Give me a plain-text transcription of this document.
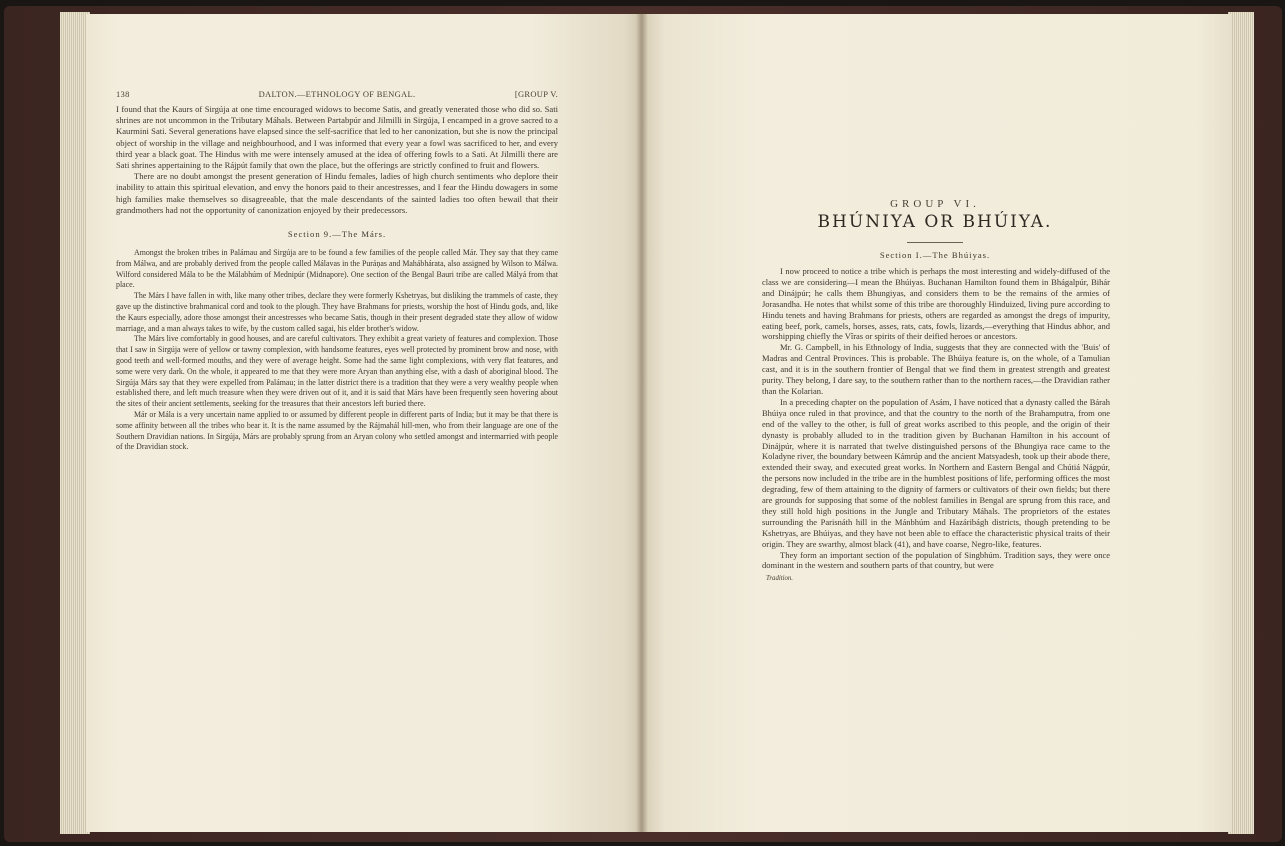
138	DALTON.—ETHNOLOGY OF BENGAL.	[GROUP V.

I found that the Kaurs of Sirgúja at one time encouraged widows to become Satis, and greatly venerated those who did so. Sati shrines are not uncommon in the Tributary Máhals. Between Partabpúr and Jilmilli in Sirgúja, I encamped in a grove sacred to a Kaurmini Sati. Several generations have elapsed since the self-sacrifice that led to her canonization, but she is now the principal object of worship in the village and neighbourhood, and I was informed that every year a fowl was sacrificed to her, and every third year a black goat. The Hindus with me were intensely amused at the idea of offering fowls to a Sati. At Jilmilli there are Sati shrines appertaining to the Rájpút family that own the place, but the offerings are strictly confined to fruit and flowers.

There are no doubt amongst the present generation of Hindu females, ladies of high church sentiments who deplore their inability to attain this spiritual elevation, and envy the honors paid to their ancestresses, and I fear the Hindu dowagers in some high families make themselves so disagreeable, that the male descendants of the sainted ladies too often bewail that their grandmothers had not the opportunity of canonization enjoyed by their predecessors.

Section 9.—The Márs.

Amongst the broken tribes in Palámau and Sirgúja are to be found a few families of the people called Már. They say that they came from Málwa, and are probably derived from the people called Málavas in the Puráņas and Mahábhárata, also assigned by Wilson to Málwa. Wilford considered Mála to be the Málabhúm of Mednipúr (Midnapore). One section of the Bengal Bauri tribe are called Mályá from that place.

The Márs I have fallen in with, like many other tribes, declare they were formerly Kshetryas, but disliking the trammels of caste, they gave up the distinctive brahmanical cord and took to the plough. They have Brahmans for priests, worship the host of Hindu gods, and, like the Kaurs especially, adore those amongst their ancestresses who became Satis, though in their present degraded state they allow of widow marriage, and a man always takes to wife, by the custom called sagai, his elder brother's widow.

The Márs live comfortably in good houses, and are careful cultivators. They exhibit a great variety of features and complexion. Those that I saw in Sirgúja were of yellow or tawny complexion, with handsome features, eyes well protected by prominent brow and nose, with good teeth and well-formed mouths, and they were of average height. Some had the same light complexions, with very flat features, and some were very dark. On the whole, it appeared to me that they were more Aryan than anything else, with a dash of aboriginal blood. The Sirgúja Márs say that they were expelled from Palámau; in the latter district there is a tradition that they were a very wealthy people when established there, and left much treasure when they were driven out of it, and it is said that Márs have been frequently seen hovering about the sites of their ancient settlements, seeking for the treasures that their ancestors left buried there.

Már or Mála is a very uncertain name applied to or assumed by different people in different parts of India; but it may be that there is some affinity between all the tribes who bear it. It is the name assumed by the Rájmahál hill-men, who from their language are one of the Southern Dravidian nations. In Sirgúja, Márs are probably sprung from an Aryan colony who settled amongst and intermarried with people of the Dravidian stock.

GROUP VI.
BHÚNIYA OR BHÚIYA.
Section I.—The Bhúiyas.

I now proceed to notice a tribe which is perhaps the most interesting and widely-diffused of the class we are considering—I mean the Bhúiyas. Buchanan Hamilton found them in Bhágalpúr, Bihár and Dinájpúr; he calls them Bhungiyas, and considers them to be the remains of the armies of Jorasandha. He notes that whilst some of this tribe are thoroughly Hinduized, living pure according to Hindu tenets and having Brahmans for priests, others are regarded as amongst the dregs of impurity, eating beef, pork, camels, horses, asses, rats, cats, fowls, lizards,—everything that Hindus abhor, and worshipping chiefly the Vîras or spirits of their deified heroes or ancestors.

Mr. G. Campbell, in his Ethnology of India, suggests that they are connected with the 'Buis' of Madras and Central Provinces. This is probable. The Bhúiya feature is, on the whole, of a Tamulian cast, and it is in the southern frontier of Bengal that we find them in greatest strength and greatest purity. They belong, I dare say, to the southern rather than to the northern races,—the Dravidian rather than the Kolarian.

In a preceding chapter on the population of Asám, I have noticed that a dynasty called the Bárah Bhúiya once ruled in that province, and that the country to the north of the Brahamputra, from one end of the valley to the other, is full of great works ascribed to this people, and the origin of their dynasty is probably alluded to in the tradition given by Buchanan Hamilton in his account of Dinájpúr, where it is narrated that twelve distinguished persons of the Bhungiya race came to the Koladyne river, the boundary between Kámrúp and the ancient Matsyadesh, took up their abode there, extended their sway, and executed great works. In Northern and Eastern Bengal and Chútiá Nágpúr, the persons now included in the tribe are in the humblest positions of life, performing offices the most degrading, few of them attaining to the dignity of farmers or cultivators of their own fields; but there are grounds for supposing that some of the noblest families in Bengal are sprung from this race, and they still hold high positions in the Jungle and Tributary Máhals. The proprietors of the estates surrounding the Parisnáth hill in the Mánbhúm and Hazáribágh districts, though pretending to be Kshetryas, are Bhúiyas, and they have not been able to efface the characteristic physical traits of their origin. They are swarthy, almost black (41), and have coarse, Negro-like, features.

They form an important section of the population of Singbhúm. Tradition says, they were once dominant in the western and southern parts of that country, but were

Tradition.
